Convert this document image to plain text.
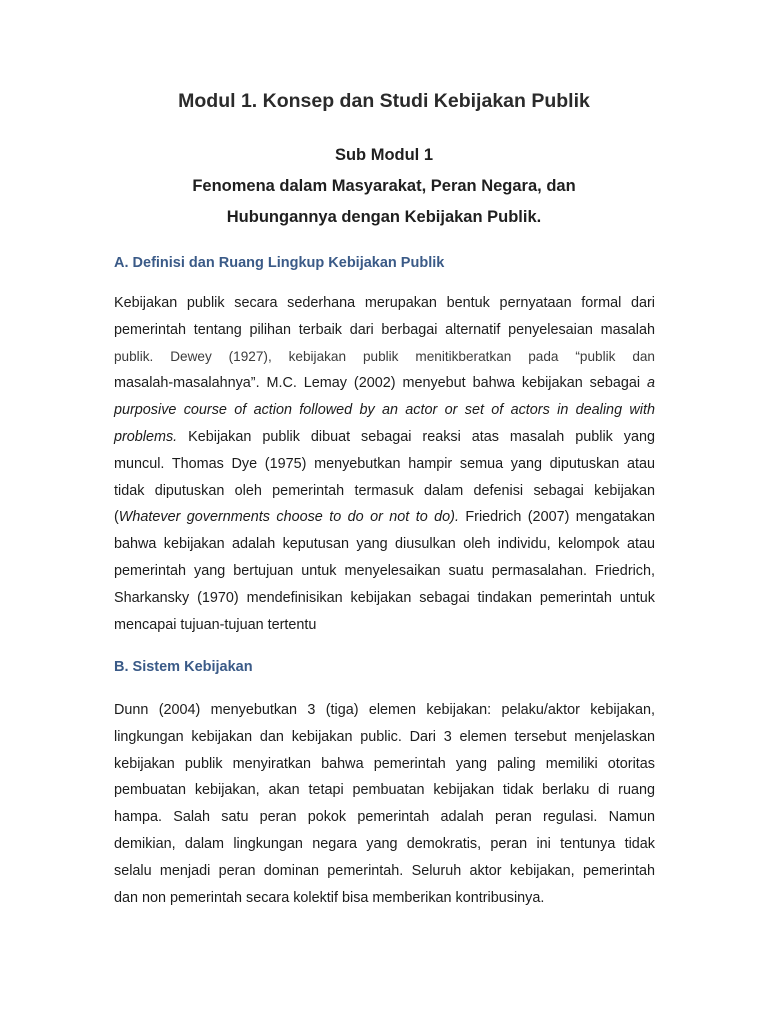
Modul 1. Konsep dan Studi Kebijakan Publik
Sub Modul 1
Fenomena dalam Masyarakat, Peran Negara, dan
Hubungannya dengan Kebijakan Publik.
A. Definisi dan Ruang Lingkup Kebijakan Publik
Kebijakan publik secara sederhana merupakan bentuk pernyataan formal dari
pemerintah tentang pilihan terbaik dari berbagai alternatif penyelesaian masalah
publik. Dewey (1927), kebijakan publik menitikberatkan pada “publik dan
masalah-masalahnya”. M.C. Lemay (2002) menyebut bahwa kebijakan sebagai a
purposive course of action followed by an actor or set of actors in dealing with
problems. Kebijakan publik dibuat sebagai reaksi atas masalah publik yang
muncul. Thomas Dye (1975) menyebutkan hampir semua yang diputuskan atau
tidak diputuskan oleh pemerintah termasuk dalam defenisi sebagai kebijakan
(Whatever governments choose to do or not to do). Friedrich (2007) mengatakan
bahwa kebijakan adalah keputusan yang diusulkan oleh individu, kelompok atau
pemerintah yang bertujuan untuk menyelesaikan suatu permasalahan. Friedrich,
Sharkansky (1970) mendefinisikan kebijakan sebagai tindakan pemerintah untuk
mencapai tujuan-tujuan tertentu
B. Sistem Kebijakan
Dunn (2004) menyebutkan 3 (tiga) elemen kebijakan: pelaku/aktor kebijakan,
lingkungan kebijakan dan kebijakan public. Dari 3 elemen tersebut menjelaskan
kebijakan publik menyiratkan bahwa pemerintah yang paling memiliki otoritas
pembuatan kebijakan, akan tetapi pembuatan kebijakan tidak berlaku di ruang
hampa. Salah satu peran pokok pemerintah adalah peran regulasi. Namun
demikian, dalam lingkungan negara yang demokratis, peran ini tentunya tidak
selalu menjadi peran dominan pemerintah. Seluruh aktor kebijakan, pemerintah
dan non pemerintah secara kolektif bisa memberikan kontribusinya.
